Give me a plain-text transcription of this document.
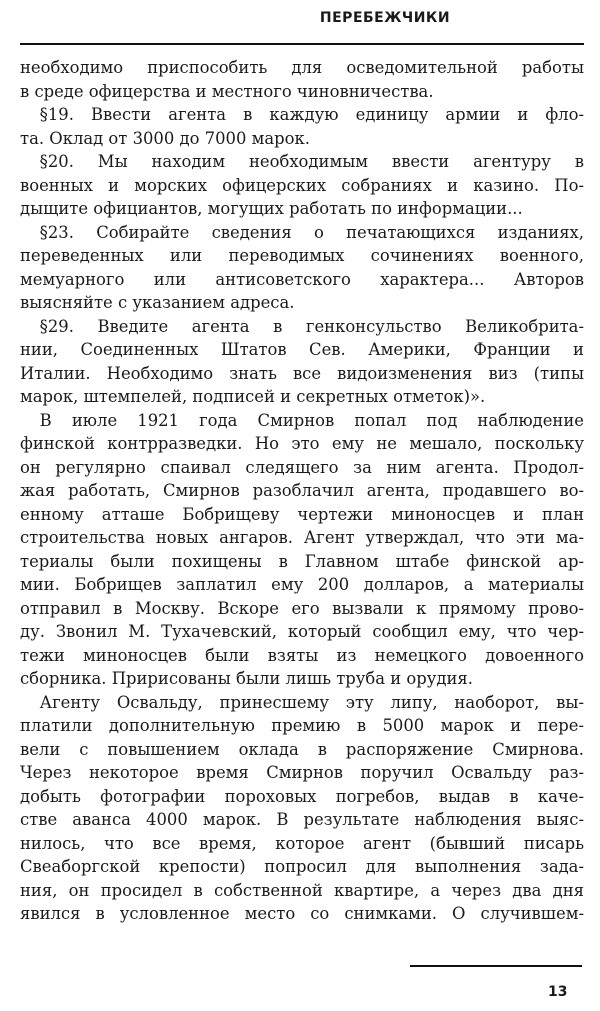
ПЕРЕБЕЖЧИКИ
необходимо приспособить для осведомительной работы
в среде офицерства и местного чиновничества.
§19. Ввести агента в каждую единицу армии и фло-
та. Оклад от 3000 до 7000 марок.
§20. Мы находим необходимым ввести агентуру в
военных и морских офицерских собраниях и казино. По-
дыщите официантов, могущих работать по информации...
§23. Собирайте сведения о печатающихся изданиях,
переведенных или переводимых сочинениях военного,
мемуарного или антисоветского характера... Авторов
выясняйте с указанием адреса.
§29. Введите агента в генконсульство Великобрита-
нии, Соединенных Штатов Сев. Америки, Франции и
Италии. Необходимо знать все видоизменения виз (типы
марок, штемпелей, подписей и секретных отметок)».
В июле 1921 года Смирнов попал под наблюдение
финской контрразведки. Но это ему не мешало, поскольку
он регулярно спаивал следящего за ним агента. Продол-
жая работать, Смирнов разоблачил агента, продавшего во-
енному атташе Бобрищеву чертежи миноносцев и план
строительства новых ангаров. Агент утверждал, что эти ма-
териалы были похищены в Главном штабе финской ар-
мии. Бобрищев заплатил ему 200 долларов, а материалы
отправил в Москву. Вскоре его вызвали к прямому прово-
ду. Звонил М. Тухачевский, который сообщил ему, что чер-
тежи миноносцев были взяты из немецкого довоенного
сборника. Пририсованы были лишь труба и орудия.
Агенту Освальду, принесшему эту липу, наоборот, вы-
платили дополнительную премию в 5000 марок и пере-
вели с повышением оклада в распоряжение Смирнова.
Через некоторое время Смирнов поручил Освальду раз-
добыть фотографии пороховых погребов, выдав в каче-
стве аванса 4000 марок. В результате наблюдения выяс-
нилось, что все время, которое агент (бывший писарь
Свеаборгской крепости) попросил для выполнения зада-
ния, он просидел в собственной квартире, а через два дня
явился в условленное место со снимками. О случившем-
13
